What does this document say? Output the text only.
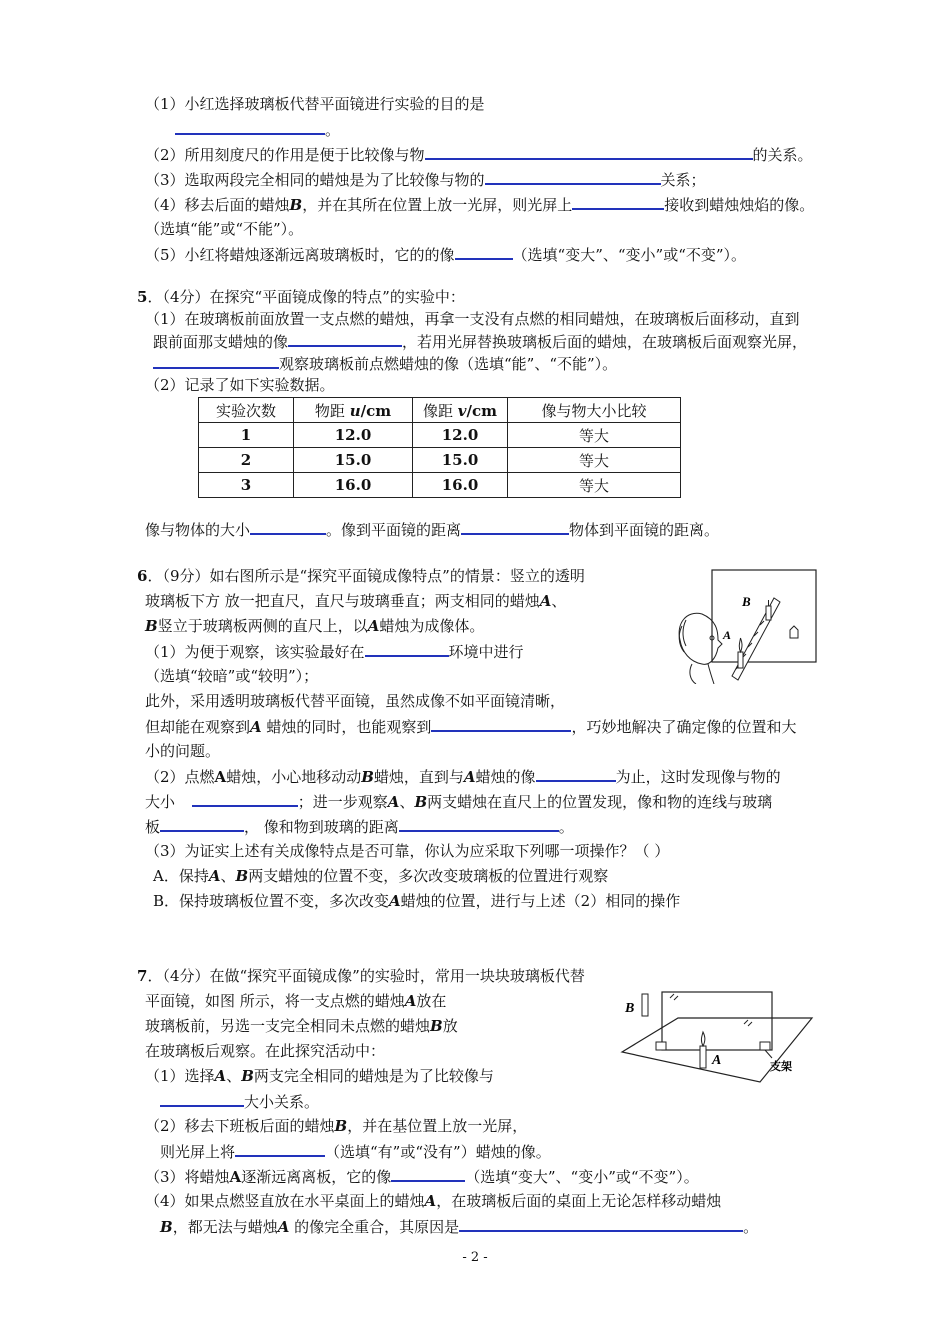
（1）小红选择玻璃板代替平面镜进行实验的目的是
。
（2）所用刻度尺的作用是便于比较像与物	的关系。
（3）选取两段完全相同的蜡烛是为了比较像与物的	关系；
（4）移去后面的蜡烛B，并在其所在位置上放一光屏，则光屏上	接收到蜡烛烛焰的像。
（选填“能”或“不能”）。
（5）小红将蜡烛逐渐远离玻璃板时，它的的像	（选填“变大”、“变小”或“不变”）。
5．（4分）在探究“平面镜成像的特点”的实验中：
（1）在玻璃板前面放置一支点燃的蜡烛，再拿一支没有点燃的相同蜡烛，在玻璃板后面移动，直到
跟前面那支蜡烛的像	，若用光屏替换玻璃板后面的蜡烛，在玻璃板后面观察光屏，
观察玻璃板前点燃蜡烛的像（选填“能”、“不能”）。
（2）记录了如下实验数据。
实验次数	物距 u/cm	像距 v/cm	像与物大小比较
1	12.0	12.0	等大
2	15.0	15.0	等大
3	16.0	16.0	等大
像与物体的大小	。像到平面镜的距离	物体到平面镜的距离。
6．（9分）如右图所示是“探究平面镜成像特点”的情景：竖立的透明
玻璃板下方 放一把直尺，直尺与玻璃垂直；两支相同的蜡烛A、
B竖立于玻璃板两侧的直尺上，以A蜡烛为成像体。
（1）为便于观察，该实验最好在	环境中进行
（选填“较暗”或“较明”）；
此外，采用透明玻璃板代替平面镜，虽然成像不如平面镜清晰，
但却能在观察到A 蜡烛的同时，也能观察到	，巧妙地解决了确定像的位置和大
小的问题。
（2）点燃A蜡烛，小心地移动动B蜡烛，直到与A蜡烛的像	为止，这时发现像与物的
大小	；进一步观察A、B两支蜡烛在直尺上的位置发现，像和物的连线与玻璃
板	， 像和物到玻璃的距离	。
（3）为证实上述有关成像特点是否可靠，你认为应采取下列哪一项操作？（ ）
A．保持A、B两支蜡烛的位置不变，多次改变玻璃板的位置进行观察
B．保持玻璃板位置不变，多次改变A蜡烛的位置，进行与上述（2）相同的操作
B
A
7．（4分）在做“探究平面镜成像”的实验时，常用一块块玻璃板代替
平面镜，如图 所示，将一支点燃的蜡烛A放在
玻璃板前，另选一支完全相同未点燃的蜡烛B放
在玻璃板后观察。在此探究活动中：
（1）选择A、B两支完全相同的蜡烛是为了比较像与
大小关系。
（2）移去下班板后面的蜡烛B，并在基位置上放一光屏，
则光屏上将	（选填“有”或“没有”）蜡烛的像。
（3）将蜡烛A逐渐远离离板，它的像	（选填“变大”、“变小”或“不变”）。
（4）如果点燃竖直放在水平桌面上的蜡烛A，在玻璃板后面的桌面上无论怎样移动蜡烛
B，都无法与蜡烛A 的像完全重合，其原因是	。
B
A	支架
- 2 -
